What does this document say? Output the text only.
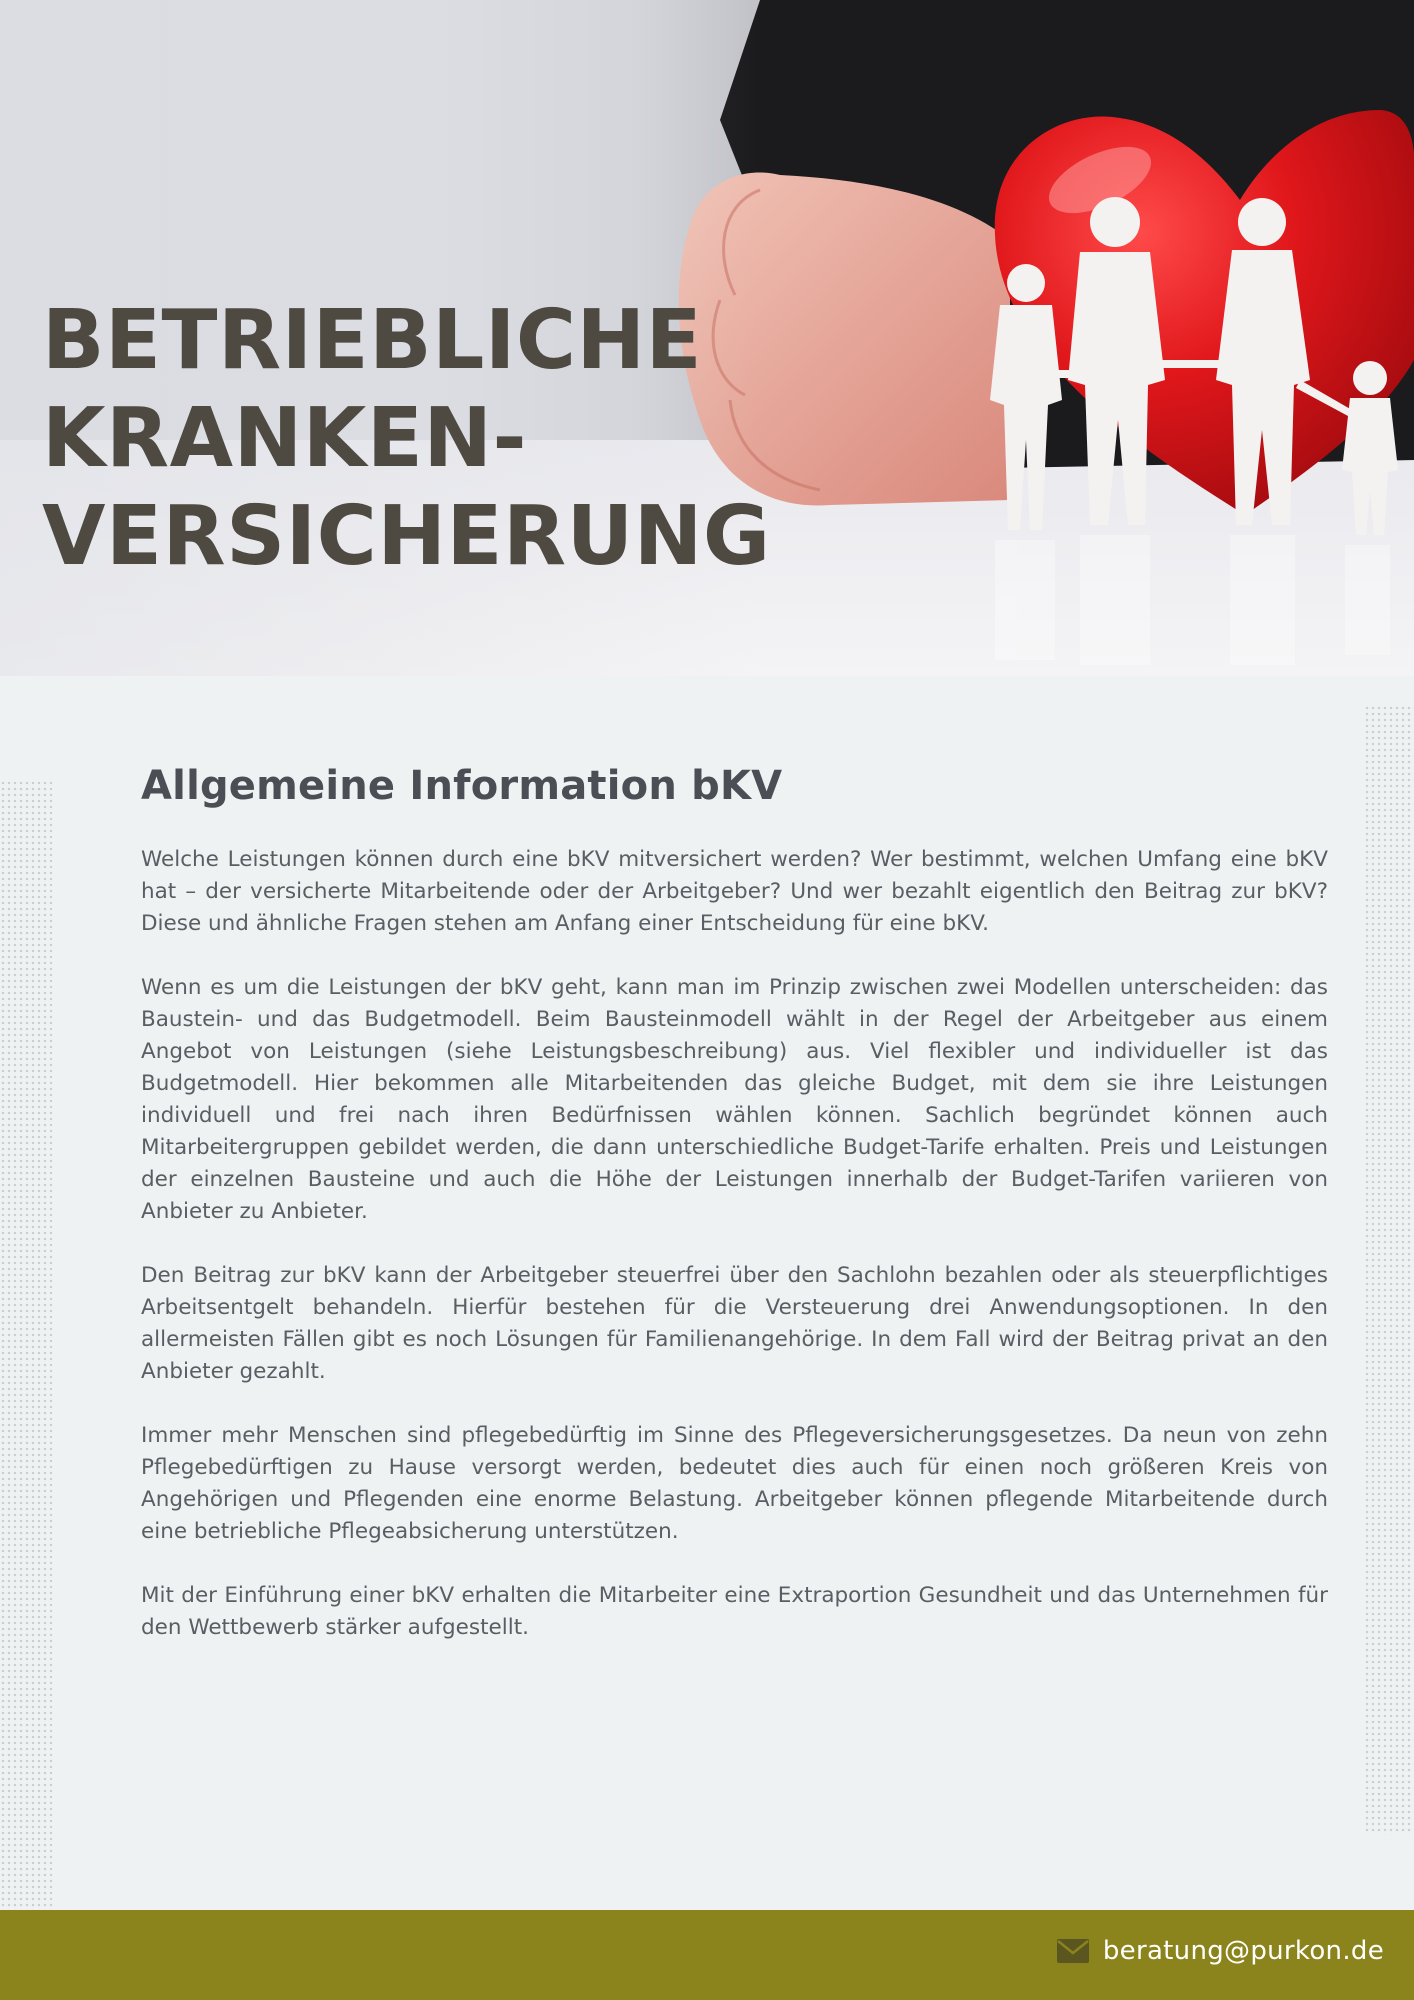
BETRIEBLICHE
KRANKEN-
VERSICHERUNG
Allgemeine Information bKV

Welche Leistungen können durch eine bKV mitversichert werden? Wer bestimmt, welchen Umfang eine bKV hat – der versicherte Mitarbeitende oder der Arbeitgeber? Und wer bezahlt eigentlich den Beitrag zur bKV? Diese und ähnliche Fragen stehen am Anfang einer Entscheidung für eine bKV.

Wenn es um die Leistungen der bKV geht, kann man im Prinzip zwischen zwei Modellen unterscheiden: das Baustein- und das Budgetmodell. Beim Bausteinmodell wählt in der Regel der Arbeitgeber aus einem Angebot von Leistungen (siehe Leistungsbeschreibung) aus. Viel flexibler und individueller ist das Budgetmodell. Hier bekommen alle Mitarbeitenden das gleiche Budget, mit dem sie ihre Leistungen individuell und frei nach ihren Bedürfnissen wählen können. Sachlich begründet können auch Mitarbeitergruppen gebildet werden, die dann unterschiedliche Budget-Tarife erhalten. Preis und Leistungen der einzelnen Bausteine und auch die Höhe der Leistungen innerhalb der Budget-Tarifen variieren von Anbieter zu Anbieter.

Den Beitrag zur bKV kann der Arbeitgeber steuerfrei über den Sachlohn bezahlen oder als steuerpflichtiges Arbeitsentgelt behandeln. Hierfür bestehen für die Versteuerung drei Anwendungsoptionen. In den allermeisten Fällen gibt es noch Lösungen für Familienangehörige. In dem Fall wird der Beitrag privat an den Anbieter gezahlt.

Immer mehr Menschen sind pflegebedürftig im Sinne des Pflegeversicherungsgesetzes. Da neun von zehn Pflegebedürftigen zu Hause versorgt werden, bedeutet dies auch für einen noch größeren Kreis von Angehörigen und Pflegenden eine enorme Belastung. Arbeitgeber können pflegende Mitarbeitende durch eine betriebliche Pflegeabsicherung unterstützen.

Mit der Einführung einer bKV erhalten die Mitarbeiter eine Extraportion Gesundheit und das Unternehmen für den Wettbewerb stärker aufgestellt.

beratung@purkon.de
